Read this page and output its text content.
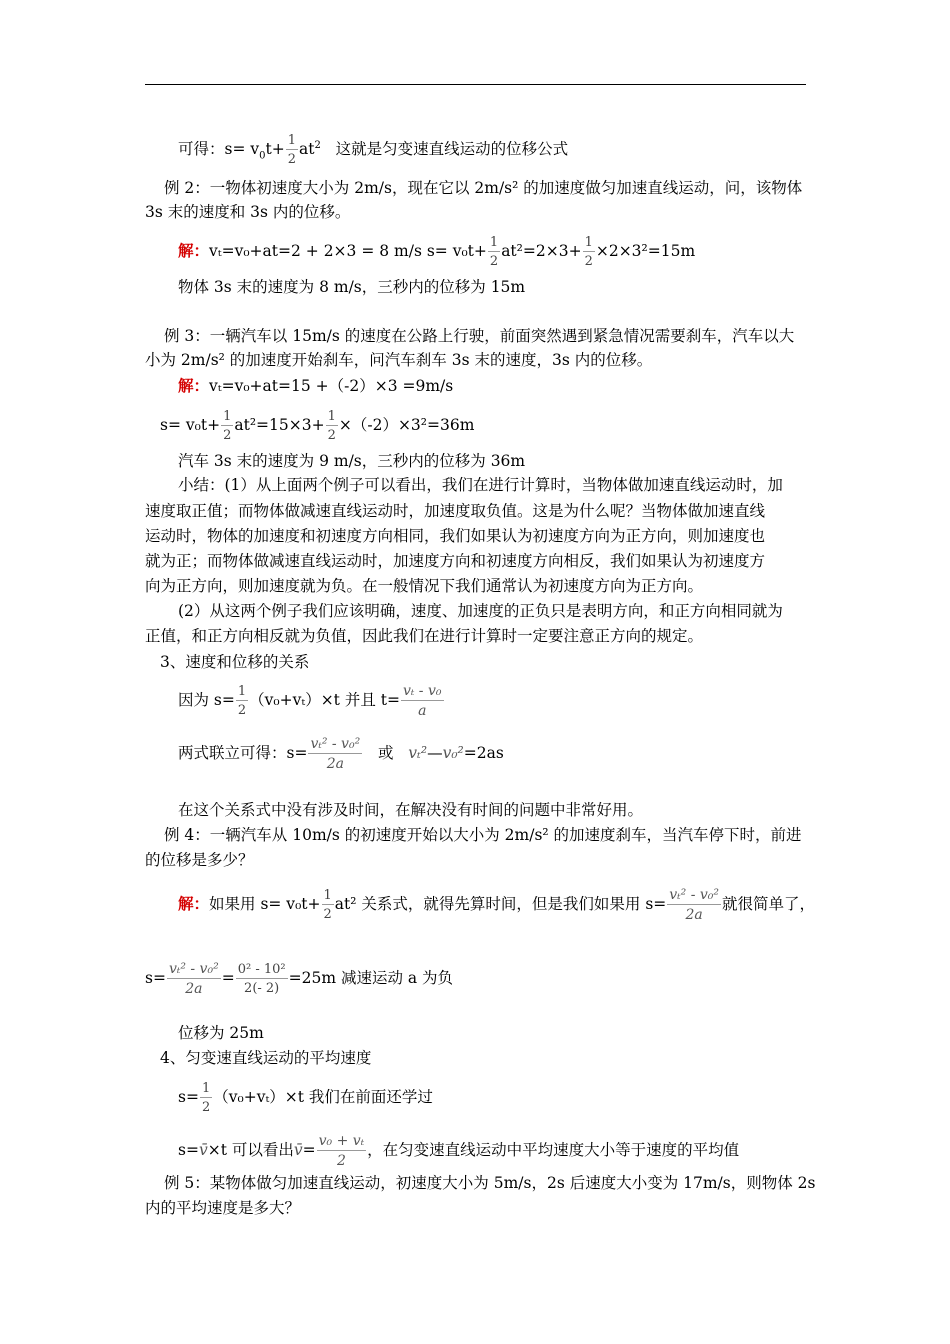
可得：$s= v_0t+ \frac{1}{2} at^2$ 这就是匀变速直线运动的位移公式
例 2：一物体初速度大小为 2m/s，现在它以 2m/s² 的加速度做匀加速直线运动，问，该物体
3s 末的速度和 3s 内的位移。
解：vₜ=v₀+at=2 + 2×3 = 8 m/s $s= v_0t+ \frac{1}{2} at^2=2\times 3+ \frac{1}{2} \times 2\times 3^2=15m$
物体 3s 末的速度为 8 m/s，三秒内的位移为 15m
例 3：一辆汽车以 15m/s 的速度在公路上行驶，前面突然遇到紧急情况需要刹车，汽车以大
小为 2m/s² 的加速度开始刹车，问汽车刹车 3s 末的速度，3s 内的位移。
解：vₜ=v₀+at=15 +（-2）×3 =9m/s
$s= v_0t+ \frac{1}{2} at^2=15\times 3+ \frac{1}{2} \times(-2)\times 3^2=36m$
汽车 3s 末的速度为 9 m/s，三秒内的位移为 36m
小结：(1）从上面两个例子可以看出，我们在进行计算时，当物体做加速直线运动时，加
速度取正值；而物体做减速直线运动时，加速度取负值。这是为什么呢？当物体做加速直线
运动时，物体的加速度和初速度方向相同，我们如果认为初速度方向为正方向，则加速度也
就为正；而物体做减速直线运动时，加速度方向和初速度方向相反，我们如果认为初速度方
向为正方向，则加速度就为负。在一般情况下我们通常认为初速度方向为正方向。
(2）从这两个例子我们应该明确，速度、加速度的正负只是表明方向，和正方向相同就为
正值，和正方向相反就为负值，因此我们在进行计算时一定要注意正方向的规定。
3、速度和位移的关系
因为 $s= \frac{1}{2} (v_0+v_t)\times t$ 并且 $t= \frac{\text{vₜ - v₀}}{a}$
两式联立可得：$s= \frac{\text{vₜ² - v₀²}}{2a}$ 或 vₜ²—v₀²=2as
在这个关系式中没有涉及时间，在解决没有时间的问题中非常好用。
例 4：一辆汽车从 10m/s 的初速度开始以大小为 2m/s² 的加速度刹车，当汽车停下时，前进
的位移是多少？
解：如果用 $s= v_0t+ \frac{1}{2} at^2$ 关系式，就得先算时间，但是我们如果用 $s= \frac{\text{vₜ² - v₀²}}{2a}$ 就很简单了，
$s= \frac{\text{vₜ² - v₀²}}{2a} = \frac{\text{0² - 10²}}{2(- 2)} =25m$ 减速运动 a 为负
位移为 25m
4、匀变速直线运动的平均速度
$s= \frac{1}{2} (v_0+v_t)\times t$ 我们在前面还学过
s=v̄×t 可以看出v̄= $\frac{\text{v₀ + vₜ}}{2}$ ，在匀变速直线运动中平均速度大小等于速度的平均值
例 5：某物体做匀加速直线运动，初速度大小为 5m/s，2s 后速度大小变为 17m/s，则物体 2s
内的平均速度是多大？
